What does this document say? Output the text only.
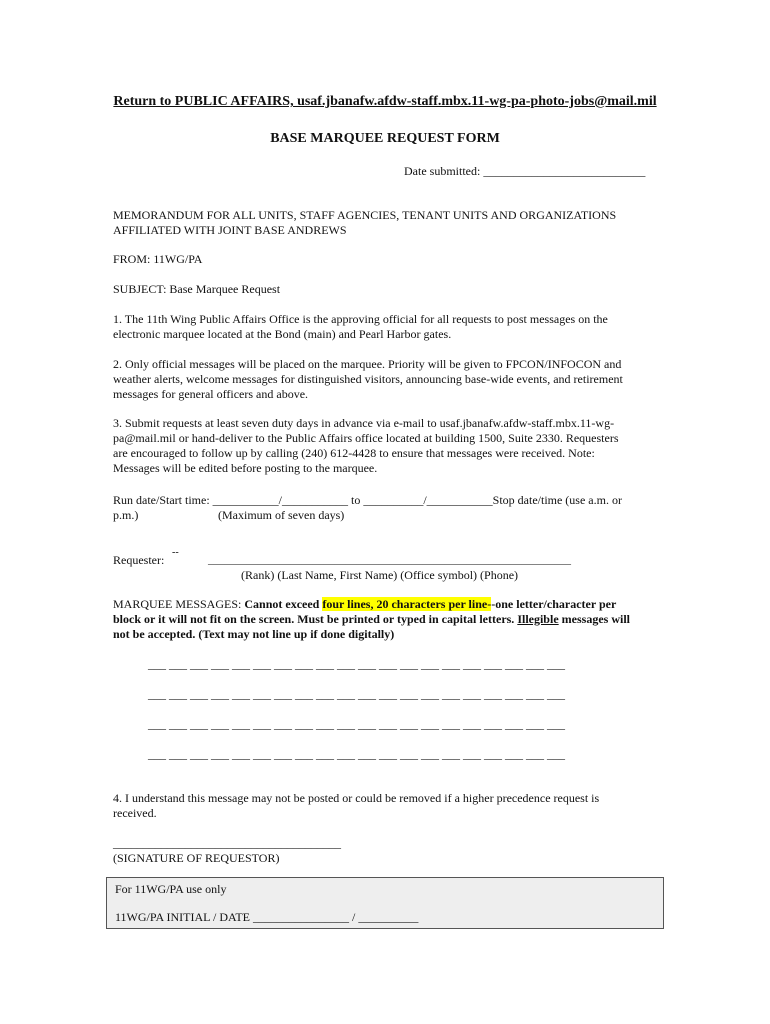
Return to PUBLIC AFFAIRS, usaf.jbanafw.afdw-staff.mbx.11-wg-pa-photo-jobs@mail.mil
BASE MARQUEE REQUEST FORM
Date submitted: ___________________________
MEMORANDUM FOR ALL UNITS, STAFF AGENCIES, TENANT UNITS AND ORGANIZATIONS
AFFILIATED WITH JOINT BASE ANDREWS
FROM: 11WG/PA
SUBJECT: Base Marquee Request
1. The 11th Wing Public Affairs Office is the approving official for all requests to post messages on the
electronic marquee located at the Bond (main) and Pearl Harbor gates.
2. Only official messages will be placed on the marquee. Priority will be given to FPCON/INFOCON and
weather alerts, welcome messages for distinguished visitors, announcing base-wide events, and retirement
messages for general officers and above.
3. Submit requests at least seven duty days in advance via e-mail to usaf.jbanafw.afdw-staff.mbx.11-wg-
pa@mail.mil or hand-deliver to the Public Affairs office located at building 1500, Suite 2330. Requesters
are encouraged to follow up by calling (240) 612-4428 to ensure that messages were received. Note:
Messages will be edited before posting to the marquee.
Run date/Start time: ___________/___________ to __________/___________Stop date/time (use a.m. or
p.m.)	(Maximum of seven days)
Requester:
--
__________________________________________________________________
(Rank) (Last Name, First Name) (Office symbol) (Phone)
MARQUEE MESSAGES: Cannot exceed four lines, 20 characters per line--one letter/character per
block or it will not fit on the screen. Must be printed or typed in capital letters. Illegible messages will
not be accepted. (Text may not line up if done digitally)
___ ___ ___ ___ ___ ___ ___ ___ ___ ___ ___ ___ ___ ___ ___ ___ ___ ___ ___ ___
___ ___ ___ ___ ___ ___ ___ ___ ___ ___ ___ ___ ___ ___ ___ ___ ___ ___ ___ ___
___ ___ ___ ___ ___ ___ ___ ___ ___ ___ ___ ___ ___ ___ ___ ___ ___ ___ ___ ___
___ ___ ___ ___ ___ ___ ___ ___ ___ ___ ___ ___ ___ ___ ___ ___ ___ ___ ___ ___
4. I understand this message may not be posted or could be removed if a higher precedence request is
received.
______________________________________
(SIGNATURE OF REQUESTOR)
For 11WG/PA use only
11WG/PA INITIAL / DATE ________________ / __________
